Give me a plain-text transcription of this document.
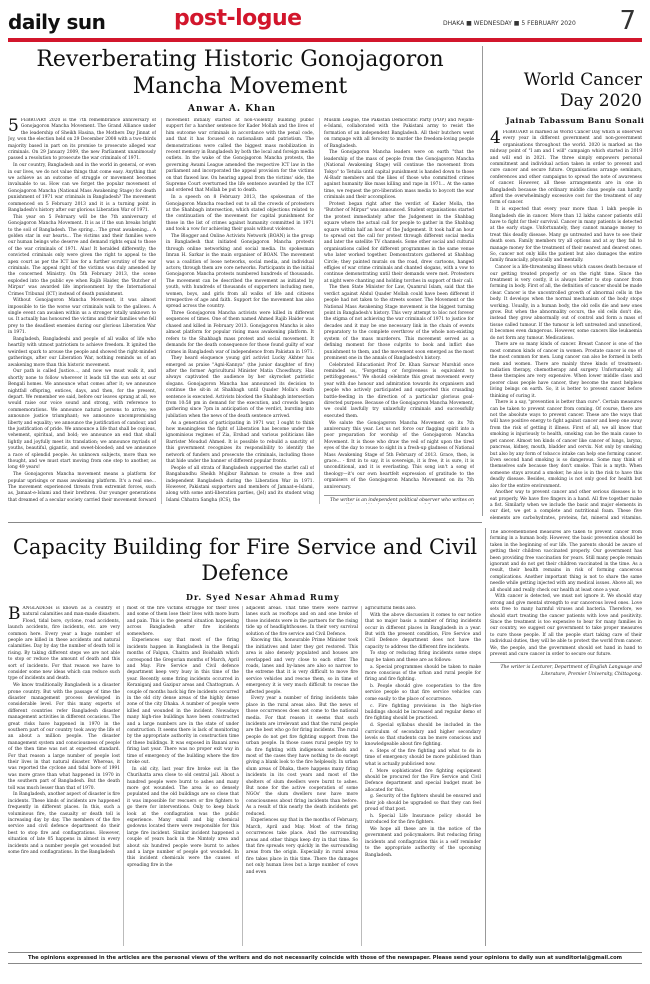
daily sun	post-logue	DHAKA ■ WEDNESDAY ■ 5 FEBRUARY 2020 7
Reverberating Historic Gonojagoron Mancha Movement
Anwar A. Khan

5 FEBRUARY 2020 is the 7th remembrance anniversary of Gonojagoron Mancha Movement. The Grand Alliance under the leadership of Sheikh Hasina, the Mothers Day Jinnat of Joy, won the election held on 29 December 2008 with a two-thirds majority based in part on its promise to prosecute alleged war criminals. On 29 January 2009, the new Parliament unanimously passed a resolution to prosecute the war criminals of 1971.

In our country, Bangladesh and in the world in general, or even in our lives, we do not value things that come easy. Anything that we achieve as an outcome of struggle or movement becomes invaluable to us. How can we forget the popular movement of Gonojagoron Mancha (National Mass Awakening Stage) for death punishment of 1971 war criminals in Bangladesh? The movement commenced on 5 February 2013 and it is a turning point in Bangladesh's history after our glorious Liberation War of 1971.

This year on 5 February will be the 7th anniversary of Gonojagoron Mancha Movement. It is as if the sun breaks bright to the soil of Bangladesh. The spring... The great awakening... A golden star in our hearts... The victims and their families were our human beings who deserve and demand rights equal to those of the war criminals of 1971. Alas! It heralded differently; the convicted criminals only were given the right to appeal to the apex court as per the ICT law for a further scrutiny of the war criminals. The appeal right of the victims was duly amended by the concerned Ministry. On 5th February 2013, the scene exploded into the public eye when Rajib Haider, the 'Butcher of Mirpur' was awarded life imprisonment by the International Crimes Tribunal (ICT) instead of death punishment.

Without Gonojagoron Mancha Movement, it was almost impossible to tie the worse war criminals walk to the gallows. A single event can awaken within us a stronger totally unknown to us. It actually has honoured the victims and their families who fell prey to the deadliest enemies during our glorious Liberation War in 1971.

Bangladesh, Bangladeshi and people of all walks of life who heartily with utmost patriotism to achieve freedom. It ignited the weirdest spark to arouse the people and showed the right-minded gatherings, after our Liberation War, nothing reminds us of an awakening more than this historic movement.

Our path is called Justice..., and now we must walk it, and shortly none to follow wherever it leads till the sun sets at our Bengali homes. We announce what comes after it; we announce nightfall offspring, entices, days, and then, for the present, depart. We remember we said, before our leaves sprang at all, we would raise our voice sound and strong, with reference to commemorations. We announce natural persons to arrive; we announce justice triumphant; we announce uncompromising liberty and equality; we announce the justification of candour, and the justification of pride. We announce a life that shall be copious, vehement, spiritual, and bold; we announce an end that shall lightly and joyfully meet its translation; we announce myriads of youths, beautiful, gigantic, and sweet-blooded; and we announce a race of splendid people. As unknown subjects, more than we thought, and we must start moving from one step to another, as long 49 years!

The Gonojagoron Mancha movement means a platform for popular uprisings or mass awakening platform. It's a real one... The movement experienced threats from extremist forces, such as, Jamaat-e-Islami and their brethren. Our younger generations that dreamed of a secular society carried their movement forward

movement initially started at non-violently building public support for a harsher sentence for Kader Mollah and the lives of him outcome war criminals in accordance with the penal code, and that it has focused on nationalism and patriotism. The demonstrations were called the biggest mass mobilization in recent memory in Bangladesh by both the local and foreign media outlets. In the wake of the Gonojagoron Mancha protests, the governing Awami League amended the respective ICT law in the parliament and incorporated the appeal provision for the victims on that flawed law. On hearing appeal from the victims' side, the Supreme Court overturned the life sentence awarded by the ICT and ordered that Mollah be put to death.

In a speech on 8 February 2013, the spokesman of the Gonojagoron Mancha reached out to all the crowds of protesters at the Shahbagh intersection, which stated objections related to the continuation of the movement for capital punishment for those in the list of crimes against humanity committed in 1971 and took a vow for achieving their goals without violence.

The Blogger and Online Activists Network (BOAN) is the group in Bangladesh that initiated Gonojagoron Mancha protests through online networking and social media. Its spokesman Imran H. Sarkar is the main organiser of BOAN. The movement was a coalition of loose networks, social media, and individual actors; through them are core networks. Participants in the initial Gonojagoron Mancha protests numbered hundreds of thousands. The movement can be described the movement as initiated by youth, with hundreds of thousands of supporters including men, women, boys, and girls from all walks of life and citizens irrespective of age and faith. Support for the movement has also spread across the country.

Three Gonojagoron Mancha activists were killed in different sequences of times. One of them named Ahmed Rajib Haider was chased and killed in February 2013. Gonojagoron Mancha is also almost platform for popular rising mass awakening platform. It refers to the Shahbagh mass protest and social movement. It demands for the death consequence for those found guilty of war crimes in Bangladesh war of independence from Pakistan in 1971.

They heard eloquence young girl activist Lucky Akhter has emerged as praise "Agni-Kannya" (the junior daughter of fire) after the former Agricultural Minister Matia Chowdhury. Has always captivated the audience by her skyrocket patriotic slogans. Gonojagoron Mancha has announced its decision to continue the sit-in at Shahbagh until Quader Molla's death sentence is executed. Activists blocked the Shahbagh intersection from 10:58 pm in demand for the execution, and crowds began gathering since 7pm in anticipation of the verdict, bursting into jubilation when the news of the death sentence arrived.

As a generation of participating in 1971 war, I ought to think how meaningless the fight of Liberation has become under the ignominious regimes of Zia, Ershad and various politicians like Barrister Moudud Ahmed. It is possible to rebuild a sanctity of this government recognizes its responsibility to identify the network of funders and prosecute the criminals, including those that hide under the banner of different popular fronts.

People of all strata of Bangladesh supported the starlet call of Bangabandhu Sheikh Mujibur Rahman to create a free and independent Bangladesh during the Liberation War in 1971. However, Pakistani supporters and members of Jamaat-e-Islami, along with some anti-liberation parties, (JeI) and its student wing Islami Chhatra Sangha (ICS), the

Muslim League, the Pakistan Democratic Party (PDP) and Nejam-e-Islami, collaborated with the Pakistani army to resist the formation of an independent Bangladesh. All their butchers went on rampage with all ferocity to murder the freedom-loving people of Bangladesh.

The Gonojagoron Mancha leaders were on earth "that the leadership of the mass of people from the Gonojagoron Mancha (National Awakening Stage) will continue the movement from Tokyo" to Tetulia until capital punishment is handed down to those Al-Badr members and the likes of those who committed crimes against humanity like mass killing and rape in 1971... At the same time, we request the pro-liberation mass media to boycott the war criminals and their accomplices.

Protest began right after the verdict of Kader Molla, the "Butcher of Mirpur" was announced. Student organisations started the protest immediately after the Judgement in the Shahbag square where the actual call for people to gather in the Shahbag square within half an hour of the Judgement. It took half an hour to spread out the call for protest through different social media and later the satellite TV channels. Some other social and cultural organisations called for different programmes in the same venue who later worked together. Demonstrators gathered at Shahbag Circle; they painted murals on the road, drew cartoons, hanged effigies of war crime criminals and chanted slogans, with a vow to continue demonstrating until their demands were met. Protesters at night were chanting and holding torches in support of their call.

The then State Minister for Law, Quamrul Islam, said that the verdict against Abdul Quader Mollah could have been different if people had not taken to the streets sooner. The Movement or the National Mass Awakening Stage movement is the biggest turning point in Bangladesh's history. This very attempt to bloc not forever the stigma of not achieving the war criminals of 1971 to justice for decades and it may be one necessary link in the chain of events preparatory to the complete overthrow of the whole non-existing system of the mass murderers. This movement served as a defining moment for those culprits to book and inflict due punishment to them, and the movement soon emerged as the most prominent one in the annals of Bangladesh's history.

Celebrated Educationist Prof Dr. Khan Sarwar Murshid once reminded us, "Forgetting or forgiveness is equivalent to pettifoggeness." We should celebrate this great movement every year with due honour and admiration towards its organisers and people who actively participated and supported this crusading battle-feeding in the direction of a particular glorious goal-directed purpose. Because of the Gonojagoron Mancha Movement, we could lawfully try unlawfully criminals and successfully executed them.

We salute the Gonojagoron Mancha Movement on its 7th anniversary this year. Let us not force our flagging spirit into a poor preparation for worship of the Gonojagoron Mancha Movement. It is those who draw the veil of night upon the tired eyes of the day to rouse to sight in a fresh-up gladness of National Mass Awakening Stage of 5th February of 2013. Grace, then, is grace... - first in to say, it is sovereign, it is free, it is sure, it is unconditional, and it is everlasting. This song isn't a song of theology—it's our own heartfelt expression of gratitude to the organisers of the Gonojagoron Mancha Movement on its 7th anniversary.

The writer is an independent political observer who writes on

World Cancer Day 2020
Jainab Tabassum Banu Sonali

4 FEBRUARY is marked as World Cancer Day which is observed every year in different government and non-government organisations throughout the world. 2020 is marked as the midway point of "I am and I will" campaign which started in 2019 and will end in 2021. The three simply empowers personal commitment and individual action taken in order to prevent and cure cancer and secure future. Organisations arrange seminars, conferences and other campaigns to spread the note of awareness of cancer. However, all these arrangements are in one in Bangladesh because the ordinary middle class people can hardly afford the overwhelmingly excessive cost for the treatment of any form of cancer.

It is expected that every year more than 1 lakh people in Bangladesh die in cancer. More than 12 lakhs cancer patients still have to fight for their survival. Cancer in many patients is detected at the early stage. Unfortunately, they cannot manage money to treat this deadly disease. Many go untreated and have to see their death soon. Family members try all options and at ay they fail to manage money for the treatment of their nearest and dearest ones. So, cancer not only kills the patient but also damages the entire family financially, physically and mentally.

Cancer is a life-threatening illness which causes death because of our getting treated properly or on the right time. Since the treatment is very costly, it is always better to stop cancer from forming in body. First of all, the definition of cancer should be made clear. Cancer is the uncontrolled growth of abnormal cells in the body. It develops when the normal mechanism of the body stops working. Usually, in a human body, the old cells die and new ones grow. But when the abnormality occurs, the old cells don't die, instead they grow abnormally out of control and form a mass of tissue called tumour. If the tumour is left untreated and unnoticed, it becomes even dangerous. However, some cancers like leukaemia do not form any tumour. Medications.

There are so many kinds of cancer. Breast Cancer is one of the most common kinds of cancer in women. Prostate cancer is one of the most common for men. Lung cancer can also be formed in both men and women. There are mainly three kinds of treatment: radiation therapy, chemotherapy and surgery. Unfortunately, all these therapies are very expensive. When lower middle class and poorer class people have cancer, they become the most helpless living beings on earth. So, it is better to prevent cancer before thinking of curing it.

There is a say, "prevention is better than cure". Certain measures can be taken to prevent cancer from coming. Of course, there are not the absolute ways to prevent cancer. These are the ways that will have positive energy to fight against cancer and keep one away from the risk of getting it illness. First of all, we all know that smoking is injuriously to health, smoking can be the main cause to get cancer. Almost ten kinds of cancer like cancer of lungs, larynx, pancreas, kidney, mouth, bladder and cervix. Not only by smoking but also by any form of tobacco intake can help one forming cancer. Even second hand smoking is so dangerous. Some may think of themselves safe because they don't smoke. This is a myth. When someone stays around a smoker, he also is in the risk to have this deadly disease. Besides, smoking is not only good for health but also for the entire environment.

Another way to prevent cancer and other serious diseases is to eat properly. We have five fingers in a hand. All five together make a fist. Similarly when we include the basic and major elements in our diet, we get a complete and nutritional foam. These five elements are carbohydrates, proteins, fat, mineral and vitamins.

The abovementioned measures are taken to prevent cancer from forming in a human body. However, the basic prevention should be taken in the beginning of our life. The parents should be aware of getting their children vaccinated properly. Our government has been providing free vaccination for years. Still many people remain ignorant and do not get their children vaccinated in the time. As a result, their health remains in risk of forming cancerous complications. Another important thing is not to share the same needle while getting injected with any medical issues. Above all, we all should and really check our health at least once a year.

With cancer is detected, we must not ignore it. We should stay strong and give mental strength to our cancerous loved ones. Love sets free to many harmful viruses and bacteria. Therefore, we should start treating the cancer patients with love and positivity. Since the treatment is too expensive to bear for many families in our country, we suggest our government to take proper measures to cure those people. If all the people start taking care of their individual duties, they will be able to protect the world from cancer. We, the people, and the government should set hand in hand to prevent and cure cancer in order to secure our future.

The writer is Lecturer, Department of English Language and Literature, Premier University, Chittagong.

Capacity Building for Fire Service and Civil Defence
Dr. Syed Nesar Ahmad Rumy

BANGLADESH is known as a country of natural calamities and man-made disasters. Flood, tidal bore, cyclone, road accidents, launch accidents, fire incidents, etc. are very common here. Every year a huge number of people are killed in these accidents and natural calamities. Day by day the number of death toll is rising. By taking different steps we are not able to stop or reduce the amount of death and this sort of incidents. For that reason we have to consider some new ideas which can reduce such type of incidents and death.

We know traditionally Bangladesh is a disaster prone country. But with the passage of time the disaster management process developed in considerable level. For this many experts of different countries refer Bangladesh disaster management activities in different occasions. The great risks have happened in 1970 in the southern part of our country took away the life of an about a million people. The disaster management system and consciousness of people of the then time was not at expected standard. For that reason a large number of people lost their lives in that natural disaster. Whereas, it was reported the cyclone and tidal bore of 1991 was more grave than what happened in 1970 in the southern part of Bangladesh. But the death toll was much lesser than that of 1970.

In Bangladesh, another aspect of disaster is fire incidents. These kinds of incidents are happened frequently in different places. In this, such a voluminous fire, the casualty or death toll is increasing day by day. The members of the fire service and civil defence department do their best to stop fire and conflagrations. However, situation of late 05 happens in almost in every incidents and a number people get wounded but some fire and conflagrations. In the Bangladesh

most of the fire victims struggle for their lives and some of them lose their lives with more burn and pain. This is the general situation happening across Bangladesh after fire incidents somewhere.

Experiences say that most of the firing incidents happen in Bangladesh in the Bengali months of Falgun, Chaitra and Boishakh which correspond the Gregorian months of March, April and May. Fire Service and Civil defence department keep very busy in this time of the year. Recently some firing incidents occurred in Keraniganj and Gazipur areas and Chattogram. A couple of months back big fire incidents occurred in the old city dense areas of the highly dense zone of the city Dhaka. A number of people were killed and wounded in the incident. Nowadays many high-rise buildings have been constructed and a large numbers are in the state of under construction. It seems there is lack of monitoring by the appropriate authority in construction time of these buildings. It was exposed in Banani area firing last year. There was no proper exit way in time of emergency of the building where the fire broke out.

In old city, last year fire broke out in the Churihatta area close to old central jail. About a hundred people were burnt to ashes and many more got wounded. The area is so densely populated and the old buildings are so close that it was impossible for rescuers or fire fighters to go there for interventions. Only to keep black look at the conflagration was the public experience. Many small and big chemical godowns located there were responsible for this large fire incident. Similar incident happened a couple of years back in the Nimtoly area and about six hundred people were burnt to ashes and a large number of people got wounded. In this incident chemicals were the causes of spreading fire in the

adjacent areas. That time there were narrow lanes such as rooftops and on and one broke of those incidents were in the partners for the rising tide up of headlighthouses. In their very survival solution of the fire service and Civil Defence.

Knowing this, honourable Prime Minister took the initiatives and later they got restored. This area is also densely populated and houses are overlapped and very close to each other. The roads, lanes and by-lanes are also so narrow to the extreme that it is very difficult to move fire service vehicles and rescue them, so in time of emergency it is very much difficult to rescue the affected people.

Every year a number of firing incidents take place in the rural areas also. But the news of those occurrences does not come to the national media. For that reason it seems that such incidents are irrelevant and that the rural people are the best who go for firing incidents. The rural people do not get fire fighting support from the urban people. In those cases rural people try to do fire fighting with indigenous methods and most of the cases they have nothing to do except giving a blank look to the fire helplessly. In urban slum areas of Dhaka, there happens many firing incidents in its cost years and most of the shelters of slum dwellers were burnt to ashes. But none for the active cooperation of some NGOs' the slum dwellers now have more consciousness about firing incidents than before. As a result of this nearly the death incidents get reduced.

Experiences say that in the months of February, March, April and May. Most of the firing occurrences take place. And the surrounding areas and other things keep dry in that time. So that fire spreads very quickly in the surrounding areas from the origin. Especially in rural areas fire takes place in this time. There the damages not only human lives but a large number of cows and even

agricultural fields also.

With the above discussion it comes to our notice that no major basis a number of firing incidents occur in different places in Bangladesh in a year. But with the present condition, Fire Service and Civil Defence department does not have the capacity to address the different fire incidents.

To stop or reducing firing incidents some steps may be taken and these are as follows:

a. Special programmes should be taken to make more conscious of the urban and rural people for firing and fire fighting.

b. People should give cooperation to the fire service people so that fire service vehicles can come easily to the place of occurrence.

c. Fire fighting provisions in the high-rise buildings should be increased and regular demo of fire fighting should be practiced.

d. Special syllabus should be included in the curriculum of secondary and higher secondary levels so that students can be more conscious and knowledgeable about fire fighting.

e. Steps of the fire fighting and what to do in time of emergency should be more publicised than what is actually publicised now.

f. More sophisticated fire fighting equipment should be procured for the Fire Service and Civil Defence department and special budget must be allocated for this.

g. Security of the fighters should be ensured and their job should be upgraded so that they can feel proud of that post.

h. Special Life Insurance policy should be introduced for the fire fighters.

We hope all these are in the notice of the government and policymakers. But reducing firing incidents and conflagration this is a self reminder to the appropriate authority of the upcoming Bangladesh.

The opinions expressed in the articles are the personal views of the writers and do not necessarily coincide with those of the newspaper. Please send your opinions to daily sun at sunditorial@gmail.com
